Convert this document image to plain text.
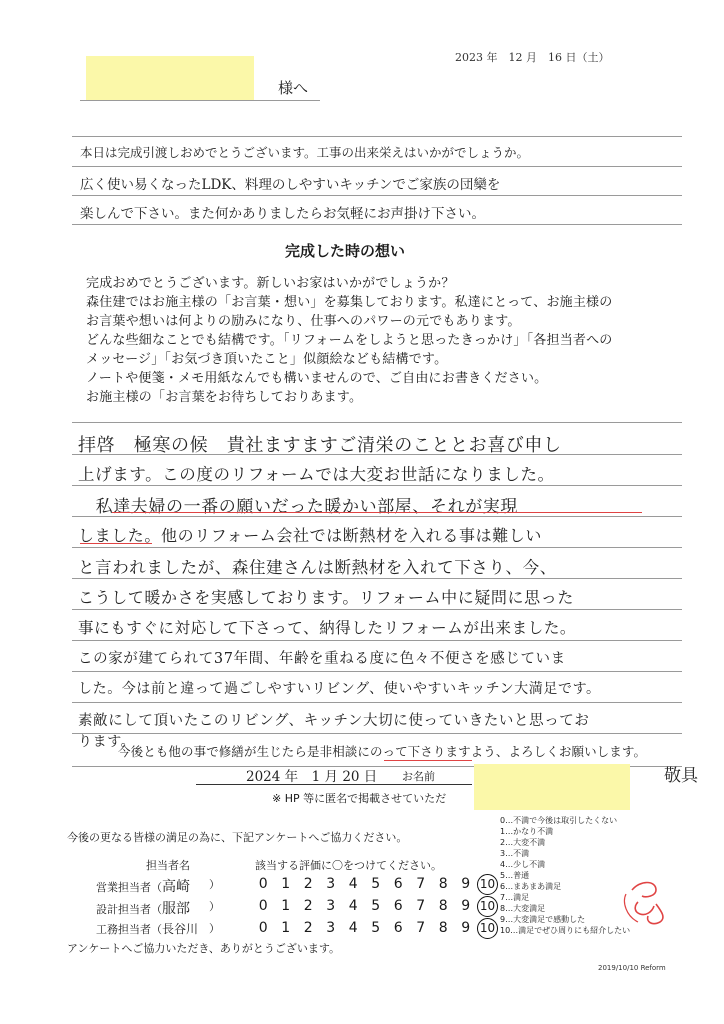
2023 年　12 月　16 日（土）
様へ
本日は完成引渡しおめでとうございます。工事の出来栄えはいかがでしょうか。
広く使い易くなったLDK、料理のしやすいキッチンでご家族の団欒を
楽しんで下さい。また何かありましたらお気軽にお声掛け下さい。
完成した時の想い
完成おめでとうございます。新しいお家はいかがでしょうか？
森住建ではお施主様の「お言葉・想い」を募集しております。私達にとって、お施主様の
お言葉や想いは何よりの励みになり、仕事へのパワーの元でもあります。
どんな些細なことでも結構です。「リフォームをしようと思ったきっかけ」「各担当者への
メッセージ」「お気づき頂いたこと」似顔絵なども結構です。
ノートや便箋・メモ用紙なんでも構いませんので、ご自由にお書きください。
お施主様の「お言葉をお待ちしておりあます。
拝啓　極寒の候　貴社ますますご清栄のこととお喜び申し
上げます。この度のリフォームでは大変お世話になりました。
　私達夫婦の一番の願いだった暖かい部屋、それが実現
しました。他のリフォーム会社では断熱材を入れる事は難しい
と言われましたが、森住建さんは断熱材を入れて下さり、今、
こうして暖かさを実感しております。リフォーム中に疑問に思った
事にもすぐに対応して下さって、納得したリフォームが出来ました。
この家が建てられて37年間、年齢を重ねる度に色々不便さを感じていま
した。今は前と違って過ごしやすいリビング、使いやすいキッチン大満足です。
素敵にして頂いたこのリビング、キッチン大切に使っていきたいと思ってお
ります。
今後とも他の事で修繕が生じたら是非相談にのって下さりますよう、よろしくお願いします。
敬具
2024 年　1 月 20 日 お名前
※ HP 等に匿名で掲載させていただ
今後の更なる皆様の満足の為に、下記アンケートへご協力ください。
担当者名	該当する評価に〇をつけてください。
営業担当者（高崎 ）	0 1 2 3 4 5 6 7 8 9 10
設計担当者（服部 ）	0 1 2 3 4 5 6 7 8 9 10
工務担当者（長谷川 ）	0 1 2 3 4 5 6 7 8 9 10
アンケートへご協力いただき、ありがとうございます。
0…不満で今後は取引したくない
1…かなり不満
2…大変不満
3…不満
4…少し不満
5…普通
6…まあまあ満足
7…満足
8…大変満足
9…大変満足で感動した
10…満足でぜひ周りにも紹介したい
2019/10/10 Reform
